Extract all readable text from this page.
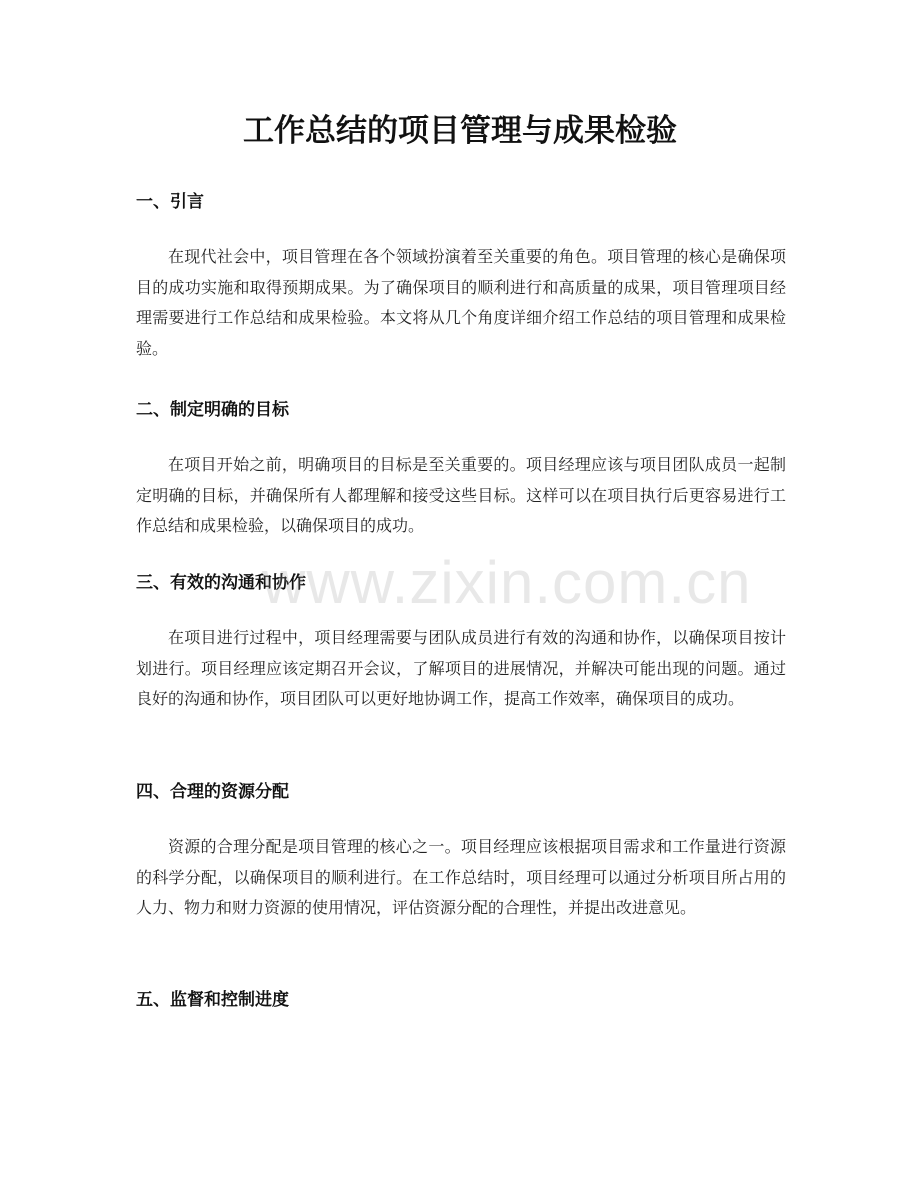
工作总结的项目管理与成果检验
一、引言

在现代社会中，项目管理在各个领域扮演着至关重要的角色。项目管理的核心是确保项目的成功实施和取得预期成果。为了确保项目的顺利进行和高质量的成果，项目管理项目经理需要进行工作总结和成果检验。本文将从几个角度详细介绍工作总结的项目管理和成果检验。

二、制定明确的目标

在项目开始之前，明确项目的目标是至关重要的。项目经理应该与项目团队成员一起制定明确的目标，并确保所有人都理解和接受这些目标。这样可以在项目执行后更容易进行工作总结和成果检验，以确保项目的成功。

三、有效的沟通和协作

在项目进行过程中，项目经理需要与团队成员进行有效的沟通和协作，以确保项目按计划进行。项目经理应该定期召开会议，了解项目的进展情况，并解决可能出现的问题。通过良好的沟通和协作，项目团队可以更好地协调工作，提高工作效率，确保项目的成功。

四、合理的资源分配

资源的合理分配是项目管理的核心之一。项目经理应该根据项目需求和工作量进行资源的科学分配，以确保项目的顺利进行。在工作总结时，项目经理可以通过分析项目所占用的人力、物力和财力资源的使用情况，评估资源分配的合理性，并提出改进意见。

五、监督和控制进度
www.zixin.com.cn
